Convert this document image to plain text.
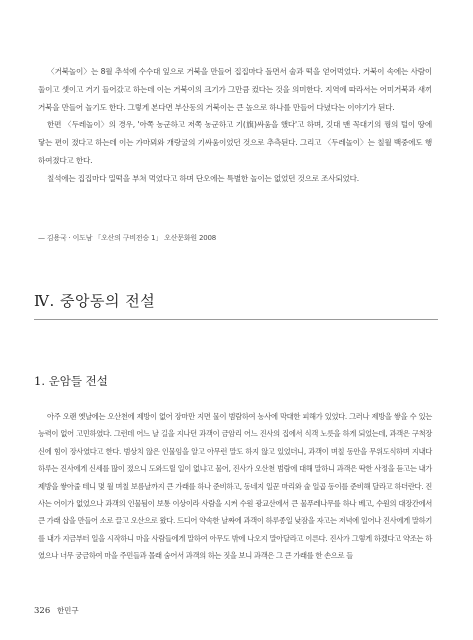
〈거북놀이〉는 8월 추석에 수수대 잎으로 거북을 만들어 집집마다 돌면서 술과 떡을 얻어먹었다. 거북이 속에는 사람이 둘이고 셋이고 거기 들어갔고 하는데 이는 거북이의 크기가 그만큼 컸다는 것을 의미한다. 지역에 따라서는 어미거북과 새끼거북을 만들어 놀기도 한다. 그렇게 본다면 부산동의 거북이는 큰 높으로 하나를 만들어 다녔다는 이야기가 된다.

한편 〈두레놀이〉의 경우, '아쪽 농군하고 저쪽 농군하고 기(旗)싸움을 했다'고 하며, 깃대 맨 꼭대기의 꿩의 털이 땅에 닿는 편이 졌다고 하는데 이는 가마뫼와 개랑굴의 기싸움이었던 것으로 추측된다. 그리고 〈두레놀이〉는 칠월 백중에도 행하여졌다고 한다.

칠석에는 집집마다 밀떡을 부쳐 먹었다고 하며 단오에는 특별한 놀이는 없었던 것으로 조사되었다.

— 김용국 · 이도남 「오산의 구비전승 1」 오산문화원 2008
Ⅳ. 중앙동의 전설
1. 운암들 전설

아주 오랜 옛날에는 오산천에 제방이 없어 장마만 지면 물이 범람하여 농사에 막대한 피해가 있었다. 그러나 제방을 쌓을 수 있는 능력이 없어 고민하였다. 그런데 어느 날 길을 지나던 과객이 금암리 어느 진사의 집에서 식객 노릇을 하게 되었는데, 과객은 구척장신에 힘이 장사였다고 한다. 범상치 않은 인물임을 알고 아무런 말도 하지 않고 있었더니, 과객이 며칠 동안을 무위도식하며 지내다 하루는 진사에게 신세를 많이 졌으니 도와드릴 일이 없냐고 물어, 진사가 오산천 범람에 대해 말하니 과객은 딱한 사정을 듣고는 내가 제방을 쌓아줄 테니 몇 월 며칠 보름날까지 큰 가래를 하나 준비하고, 동네지 일꾼 마리와 술 일곱 동이를 준비해 달라고 하더란다. 진사는 어이가 없었으나 과객의 인물됨이 보통 이상이라 사람을 시켜 수원 광교산에서 큰 물푸레나무를 하나 베고, 수원의 대장간에서 큰 가래 삽을 만들어 소로 끌고 오산으로 왔다. 드디어 약속한 날짜에 과객이 하루종일 낮잠을 자고는 저녁에 일어나 진사에게 말하기를 내가 지금부터 일을 시작하니 마을 사람들에게 말하여 아무도 밖에 나오지 말아달라고 이른다. 진사가 그렇게 하겠다고 약조는 하였으나 너무 궁금하여 마을 주민들과 몰래 숨어서 과객의 하는 짓을 보니 과객은 그 큰 가래를 한 손으로 들

326 한민구
